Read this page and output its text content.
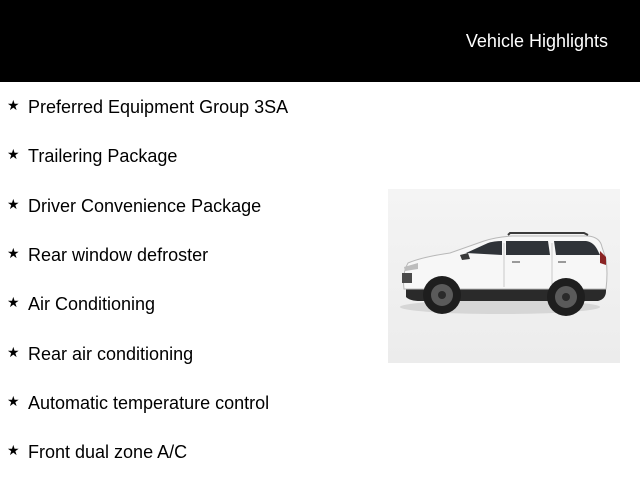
Vehicle Highlights
★ Preferred Equipment Group 3SA
★ Trailering Package
★ Driver Convenience Package
★ Rear window defroster
★ Air Conditioning
★ Rear air conditioning
★ Automatic temperature control
★ Front dual zone A/C
